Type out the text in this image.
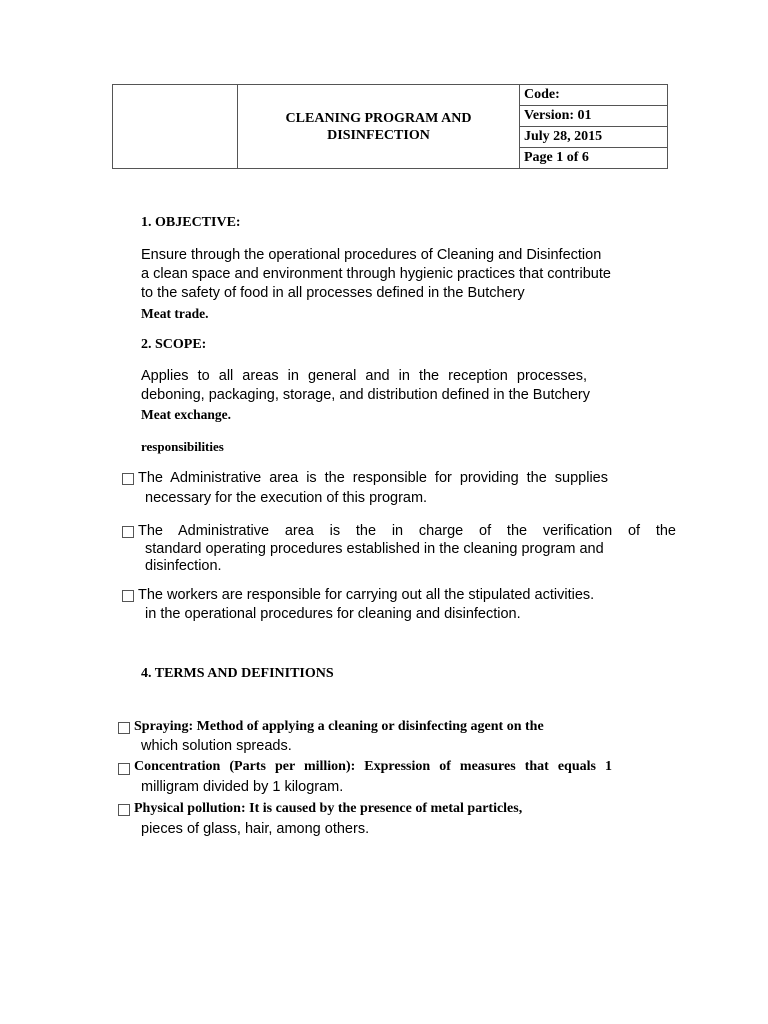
	CLEANING PROGRAM AND
DISINFECTION	Code:
Version: 01
July 28, 2015
Page 1 of 6
1. OBJECTIVE:
Ensure through the operational procedures of Cleaning and Disinfection
a clean space and environment through hygienic practices that contribute
to the safety of food in all processes defined in the Butchery
Meat trade.
2. SCOPE:
Applies to all areas in general and in the reception processes,
deboning, packaging, storage, and distribution defined in the Butchery
Meat exchange.
responsibilities
The Administrative area is the responsible for providing the supplies
necessary for the execution of this program.
The Administrative area is the in charge of the verification of the
standard operating procedures established in the cleaning program and
disinfection.
The workers are responsible for carrying out all the stipulated activities.
in the operational procedures for cleaning and disinfection.
4. TERMS AND DEFINITIONS
Spraying: Method of applying a cleaning or disinfecting agent on the
which solution spreads.
Concentration (Parts per million): Expression of measures that equals 1
milligram divided by 1 kilogram.
Physical pollution: It is caused by the presence of metal particles,
pieces of glass, hair, among others.
